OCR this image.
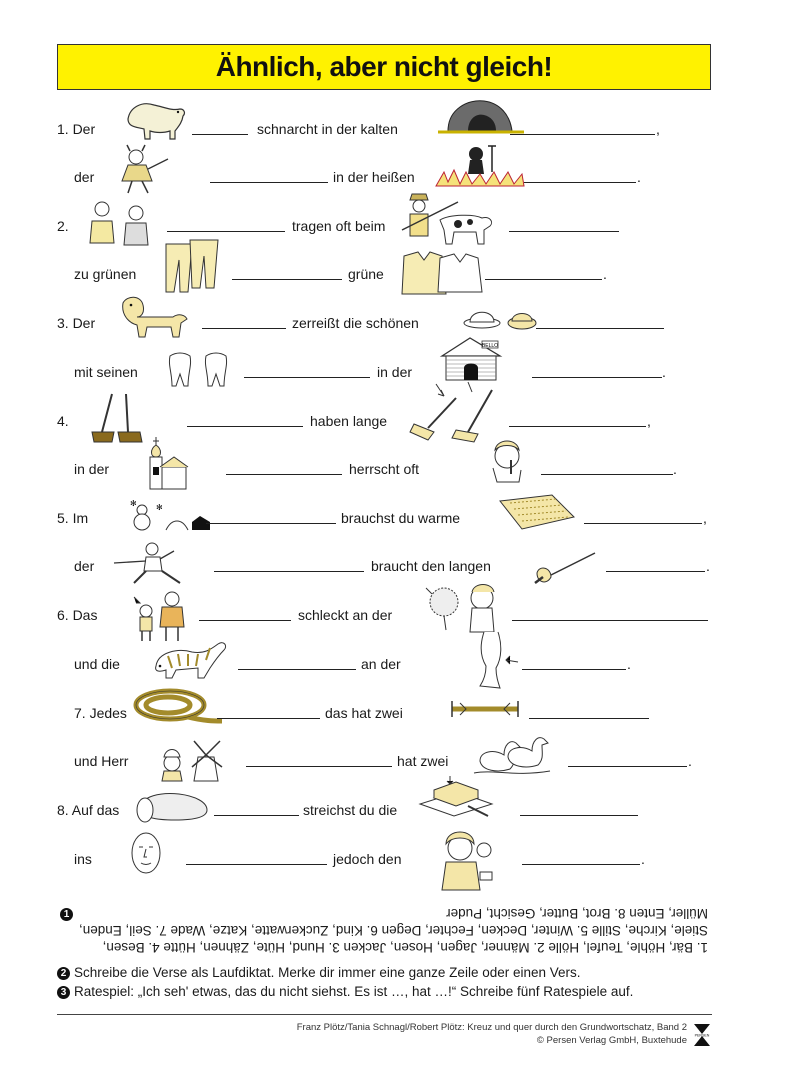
Ähnlich, aber nicht gleich!
1. Der	schnarcht in der kalten	,
der	in der heißen	.
2.	tragen oft beim
zu grünen	grüne	.
3. Der	zerreißt die schönen
mit seinen	in der
BELLO
.
4.	haben lange	,
in der	herrscht oft	.
5. Im
✻ ✻
brauchst du warme	,
der	braucht den langen	.
6. Das	schleckt an der
und die	an der	.
7. Jedes	das hat zwei
und Herr	hat zwei	.
8. Auf das	streichst du die
ins	jedoch den	.
1
1. Bär, Höhle, Teufel, Hölle 2. Männer, Jagen, Hosen, Jacken 3. Hund, Hüte, Zähnen, Hütte 4. Besen, Stiele, Kirche, Stille 5. Winter, Decken, Fechter, Degen 6. Kind, Zuckerwatte, Katze, Wade 7. Seil, Enden, Müller, Enten 8. Brot, Butter, Gesicht, Puder
2 Schreibe die Verse als Laufdiktat. Merke dir immer eine ganze Zeile oder einen Vers.
3 Ratespiel: „Ich seh' etwas, das du nicht siehst. Es ist …, hat …!“ Schreibe fünf Ratespiele auf.
Franz Plötz/Tania Schnagl/Robert Plötz: Kreuz und quer durch den Grundwortschatz, Band 2
© Persen Verlag GmbH, Buxtehude PERSEN
